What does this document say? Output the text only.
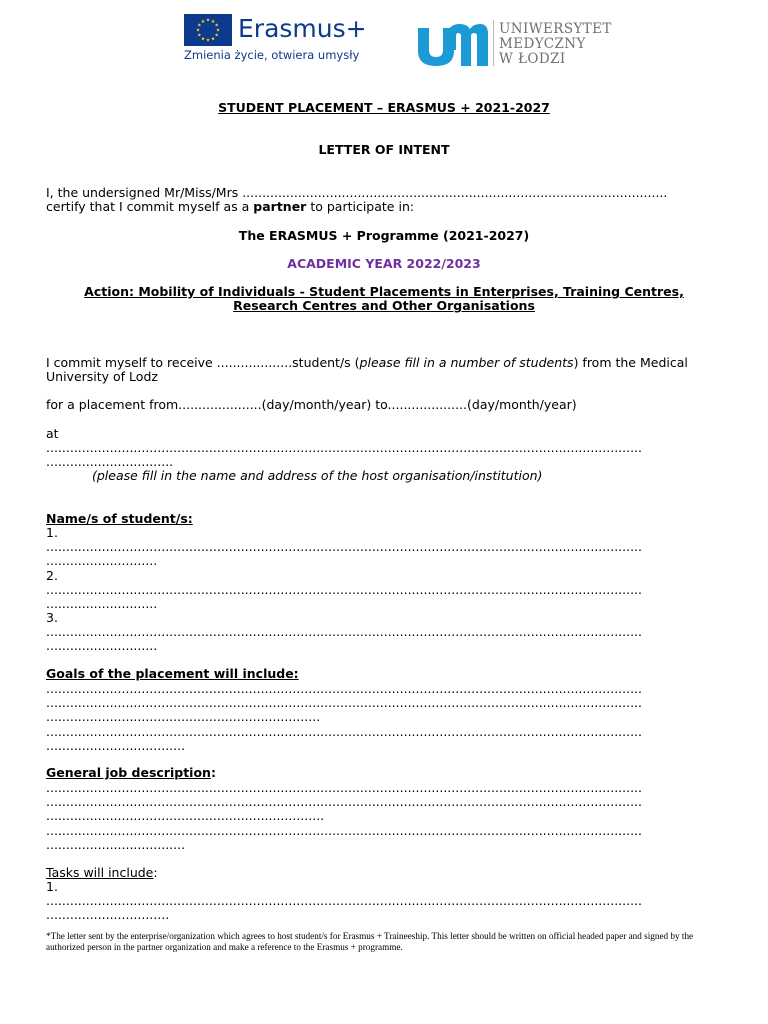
Erasmus+
Zmienia życie, otwiera umysły
UNIWERSYTET
MEDYCZNY
W ŁODZI
STUDENT PLACEMENT – ERASMUS + 2021-2027
LETTER OF INTENT
I, the undersigned Mr/Miss/Mrs ...........................................................................................................
certify that I commit myself as a partner to participate in:
The ERASMUS + Programme (2021-2027)
ACADEMIC YEAR 2022/2023
Action: Mobility of Individuals - Student Placements in Enterprises, Training Centres,
Research Centres and Other Organisations
I commit myself to receive ...................student/s (please fill in a number of students) from the Medical
University of Lodz
for a placement from.....................(day/month/year) to....................(day/month/year)
at
......................................................................................................................................................
................................
(please fill in the name and address of the host organisation/institution)
Name/s of student/s:
1.
......................................................................................................................................................
............................
2.
......................................................................................................................................................
............................
3.
......................................................................................................................................................
............................
Goals of the placement will include:
......................................................................................................................................................
......................................................................................................................................................
.....................................................................
......................................................................................................................................................
...................................
General job description:
......................................................................................................................................................
......................................................................................................................................................
......................................................................
......................................................................................................................................................
...................................
Tasks will include:
1.
......................................................................................................................................................
...............................
*The letter sent by the enterprise/organization which agrees to host student/s for Erasmus + Traineeship. This letter should be written on official headed paper and signed by the authorized person in the partner organization and make a reference to the Erasmus + programme.
